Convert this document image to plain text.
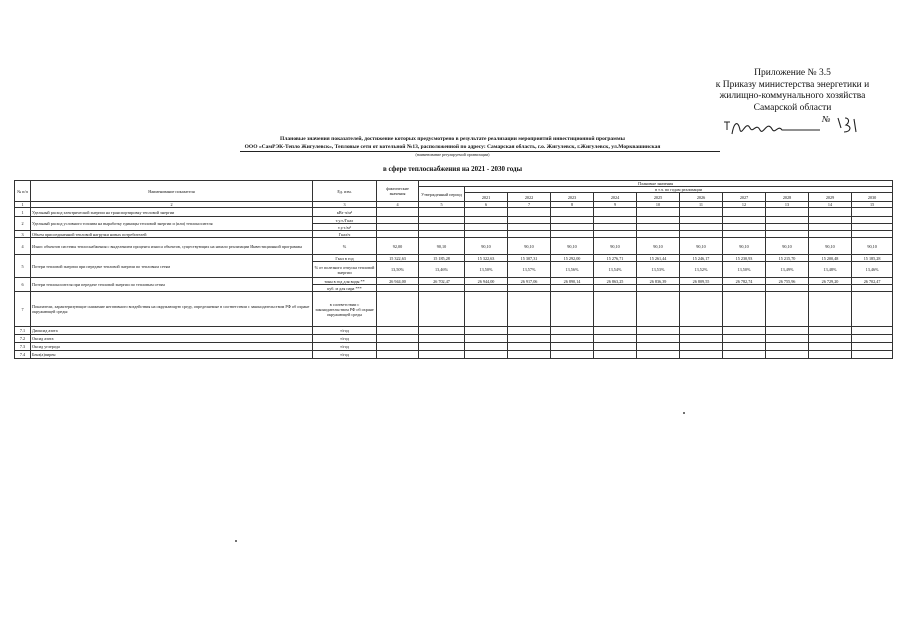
Приложение № 3.5
к Приказу министерства энергетики и
жилищно-коммунального хозяйства
Самарской области
№
Плановые значения показателей, достижение которых предусмотрено в результате реализации мероприятий инвестиционной программы
ООО «СамРЭК-Тепло Жигулевск», Тепловые сети от котельной №13, расположенной по адресу: Самарская область, г.о. Жигулевск, г.Жигулевск, ул.Морквашинская
(наименование регулируемой организации)
в сфере теплоснабжения на 2021 - 2030 годы
№ п/п	Наименование показателя	Ед. изм.	фактические значения	Плановые значения										
				Утвержденный период	в т.ч. по годам реализации									
					2021	2022	2023	2024	2025	2026	2027	2028	2029	2030
1	2	3	4	5	6	7	8	9	10	11	12	13	14	15
1	Удельный расход электрической энергии на транспортировку тепловой энергии	кВт·ч/м³												
2	Удельный расход условного топлива на выработку единицы тепловой энергии и (или) теплоносителя	т.у.т./Гкал												
		т.у.т./м³												
3	Объем присоединенной тепловой нагрузки новых потребителей	Гкал/ч												
4	Износ объектов системы теплоснабжения с выделением процента износа объектов, существующих на начало реализации Инвестиционной программы	%	92,00	90,10	90,10	90,10	90,10	90,10	90,10	90,10	90,10	90,10	90,10	90,10
5	Потери тепловой энергии при передаче тепловой энергии по тепловым сетям	Гкал в год	15 322,63	15 185,28	15 322,63	15 307,31	15 292,00	15 276,71	15 261,44	15 246,17	15 230,93	15 215,70	15 200,48	15 185,28
		% от полезного отпуска тепловой энергии	13,50%	13,46%	13,50%	13,57%	13,56%	13,54%	13,53%	13,52%	13,50%	13,49%	13,48%	13,46%
6	Потери теплоносителя при передаче тепловой энергии по тепловым сетям	тонн в год для воды **	26 944,00	26 702,47	26 944,00	26 917,06	26 890,14	26 863,25	26 836,39	26 809,55	26 782,74	26 755,96	26 729,20	26 702,47
		куб. м для пара ***												
7	Показатели, характеризующие снижение негативного воздействия на окружающую среду, определяемые в соответствии с законодательством РФ об охране окружающей среды:	в соответствии с законодательством РФ об охране окружающей среды												
7.1	Диоксид азота	т/год												
7.2	Оксид азота	т/год												
7.3	Оксид углерода	т/год												
7.4	Бенз(а)пирен	т/год												
